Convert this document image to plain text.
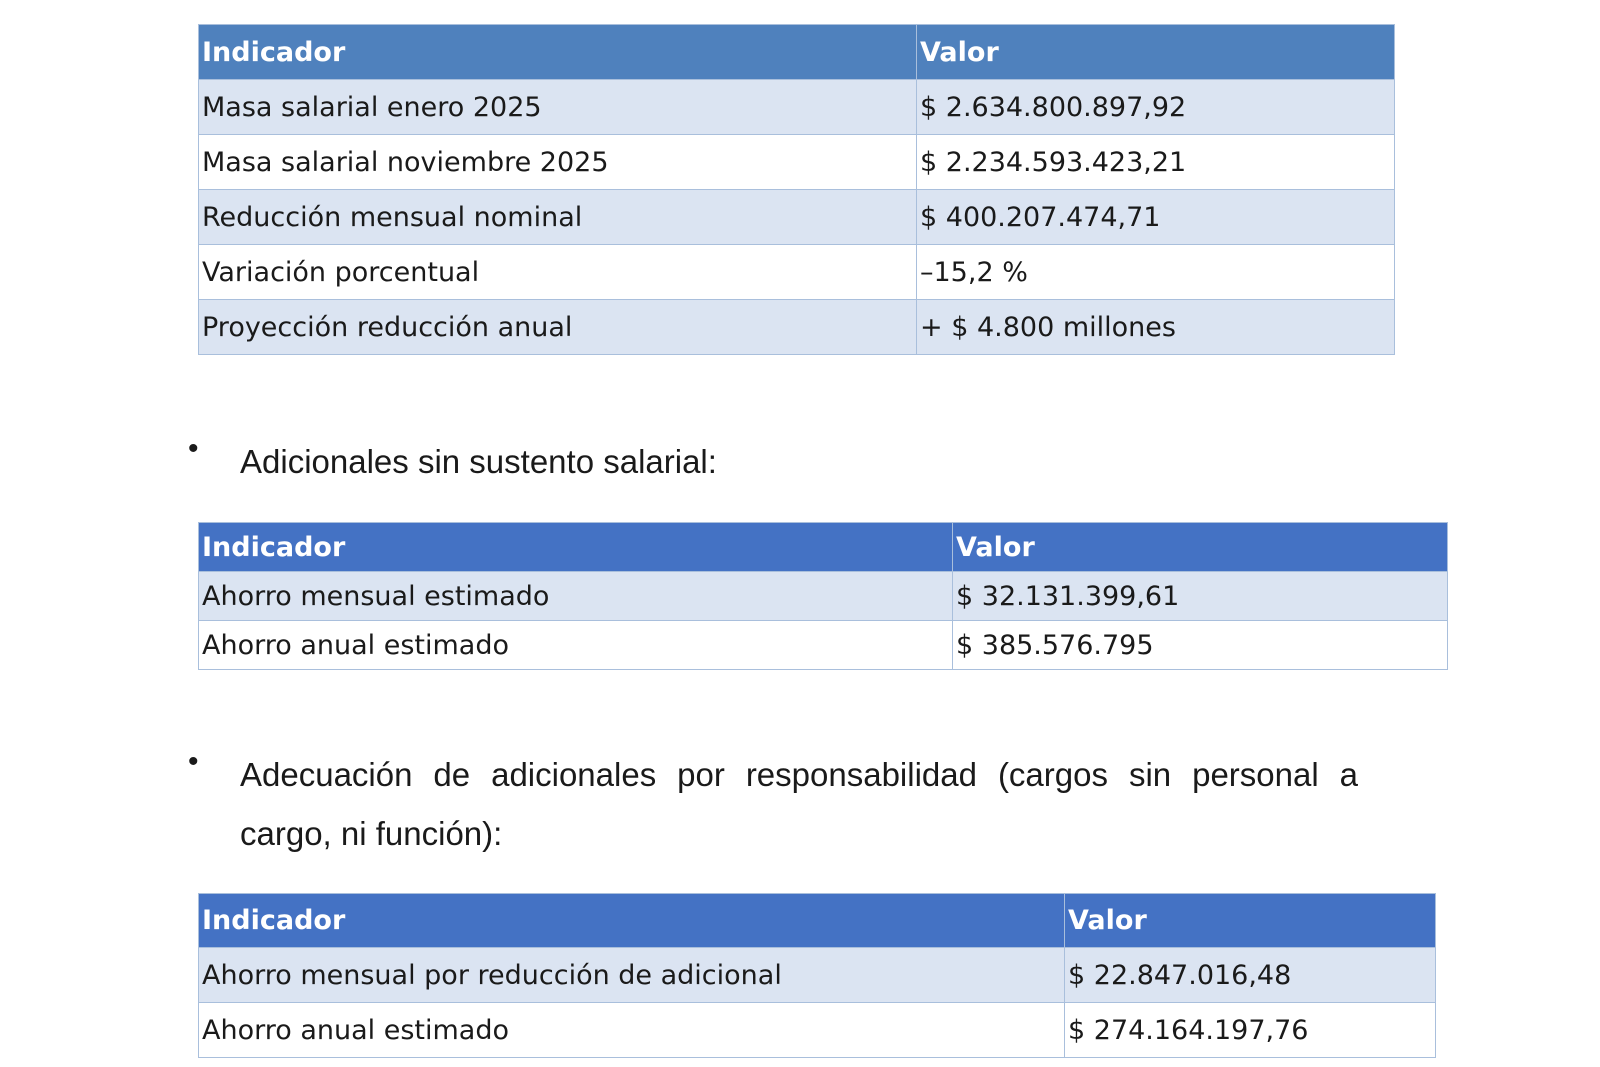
Indicador	Valor
Masa salarial enero 2025	$ 2.634.800.897,92
Masa salarial noviembre 2025	$ 2.234.593.423,21
Reducción mensual nominal	$ 400.207.474,71
Variación porcentual	–15,2 %
Proyección reducción anual	+ $ 4.800 millones
•	Adicionales sin sustento salarial:
Indicador	Valor
Ahorro mensual estimado	$ 32.131.399,61
Ahorro anual estimado	$ 385.576.795
•	Adecuación de adicionales por responsabilidad (cargos sin personal a cargo, ni función):
Indicador	Valor
Ahorro mensual por reducción de adicional	$ 22.847.016,48
Ahorro anual estimado	$ 274.164.197,76
